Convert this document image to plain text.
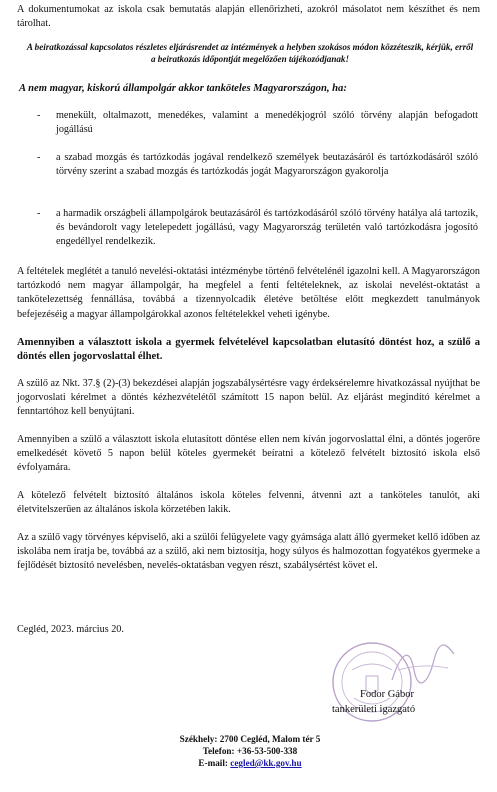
A dokumentumokat az iskola csak bemutatás alapján ellenőrizheti, azokról másolatot nem készíthet és nem tárolhat.
A beiratkozással kapcsolatos részletes eljárásrendet az intézmények a helyben szokásos módon közzéteszik, kérjük, erről a beiratkozás időpontját megelőzően tájékozódjanak!
A nem magyar, kiskorú állampolgár akkor tanköteles Magyarországon, ha:
-	menekült, oltalmazott, menedékes, valamint a menedékjogról szóló törvény alapján befogadott jogállású
-	a szabad mozgás és tartózkodás jogával rendelkező személyek beutazásáról és tartózkodásáról szóló törvény szerint a szabad mozgás és tartózkodás jogát Magyarországon gyakorolja
-	a harmadik országbeli állampolgárok beutazásáról és tartózkodásáról szóló törvény hatálya alá tartozik, és bevándorolt vagy letelepedett jogállású, vagy Magyarország területén való tartózkodásra jogosító engedéllyel rendelkezik.
A feltételek meglétét a tanuló nevelési-oktatási intézménybe történő felvételénél igazolni kell. A Magyarországon tartózkodó nem magyar állampolgár, ha megfelel a fenti feltételeknek, az iskolai nevelést-oktatást a tankötelezettség fennállása, továbbá a tizennyolcadik életéve betöltése előtt megkezdett tanulmányok befejezéséig a magyar állampolgárokkal azonos feltételekkel veheti igénybe.
Amennyiben a választott iskola a gyermek felvételével kapcsolatban elutasító döntést hoz, a szülő a döntés ellen jogorvoslattal élhet.
A szülő az Nkt. 37.§ (2)-(3) bekezdései alapján jogszabálysértésre vagy érdeksérelemre hivatkozással nyújthat be jogorvoslati kérelmet a döntés kézhezvételétől számított 15 napon belül. Az eljárást megindító kérelmet a fenntartóhoz kell benyújtani.
Amennyiben a szülő a választott iskola elutasított döntése ellen nem kíván jogorvoslattal élni, a döntés jogerőre emelkedését követő 5 napon belül köteles gyermekét beíratni a kötelező felvételt biztosító iskola első évfolyamára.
A kötelező felvételt biztosító általános iskola köteles felvenni, átvenni azt a tanköteles tanulót, aki életvitelszerűen az általános iskola körzetében lakik.
Az a szülő vagy törvényes képviselő, aki a szülői felügyelete vagy gyámsága alatt álló gyermeket kellő időben az iskolába nem íratja be, továbbá az a szülő, aki nem biztosítja, hogy súlyos és halmozottan fogyatékos gyermeke a fejlődését biztosító nevelésben, nevelés-oktatásban vegyen részt, szabálysértést követ el.
Cegléd, 2023. március 20.
Fodor Gábor
tankerületi igazgató
Székhely: 2700 Cegléd, Malom tér 5
Telefon: +36-53-500-338
E-mail: cegled@kk.gov.hu
